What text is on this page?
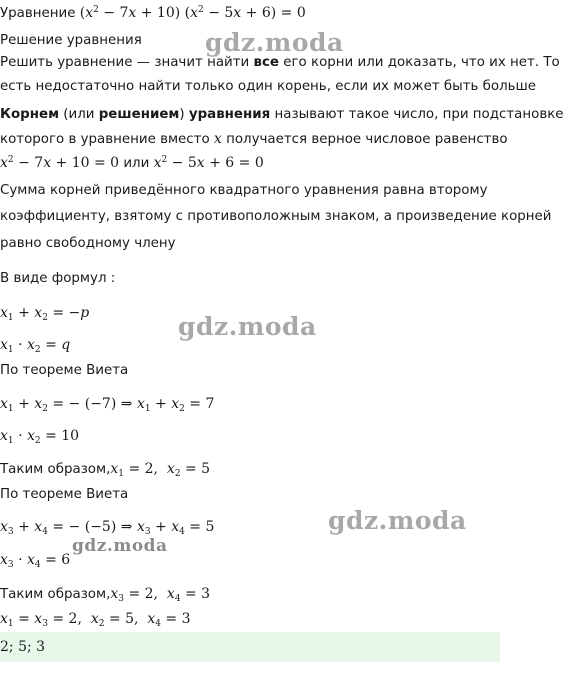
Уравнение $(x^2 - 7x + 10) (x^2 - 5x + 6) = 0$
Решение уравнения
Решить уравнение — значит найти все его корни или доказать, что их нет. То
есть недостаточно найти только один корень, если их может быть больше
Корнем (или решением) уравнения называют такое число, при подстановке
которого в уравнение вместо x получается верное числовое равенство
$x^2 - 7x + 10 = 0$ или $x^2 - 5x + 6 = 0$
Сумма корней приведённого квадратного уравнения равна второму
коэффициенту, взятому с противоположным знаком, а произведение корней
равно свободному члену
В виде формул :
$x_1 + x_2 = -p$
$x_1 \cdot x_2 = q$
По теореме Виета
$x_1 + x_2$ = − (−7) ⇒ $x_1 + x_2 = 7$
$x_1 \cdot x_2 = 10$
Таким $образом,x_1 = 2$,  $x_2 = 5$
По теореме Виета
$x_3 + x_4$ = − (−5) ⇒ $x_3 + x_4 = 5$
$x_3 \cdot x_4 = 6$
Таким $образом,x_3 = 2$,  $x_4 = 3$
$x_1 = x_3 = 2$,  $x_2 = 5$,  $x_4 = 3$
2; 5; 3
gdz.moda
gdz.moda
gdz.moda
gdz.moda
